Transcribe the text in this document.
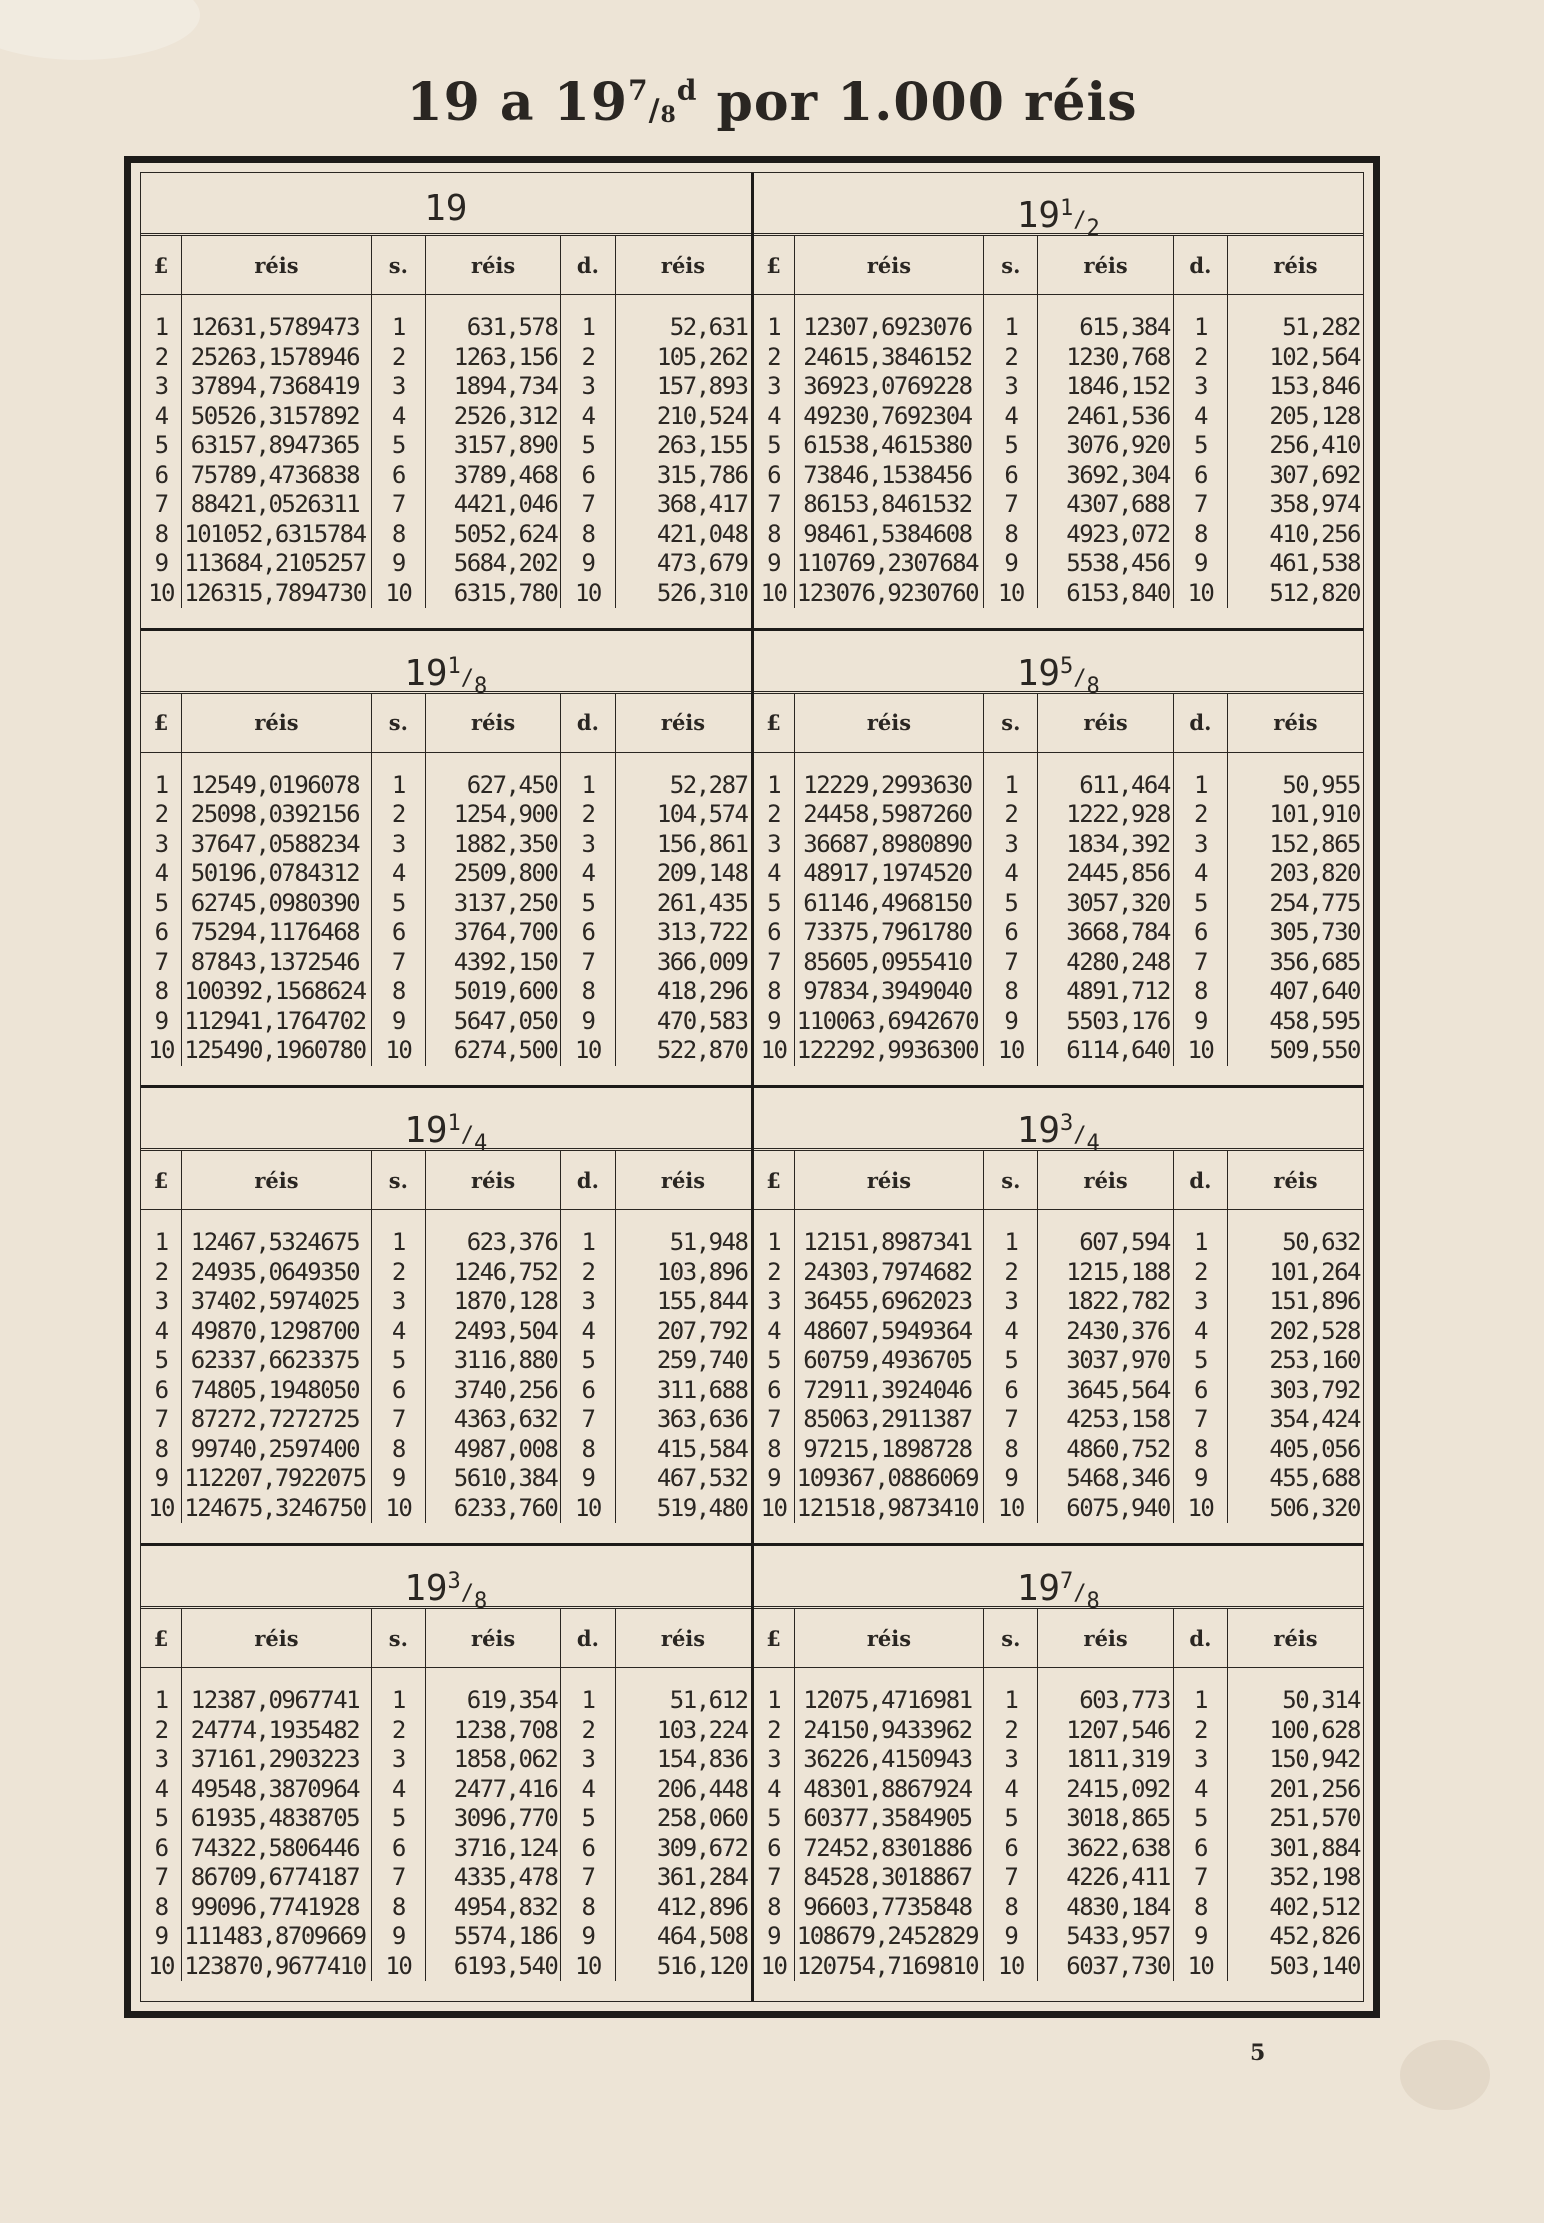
19 a $19^7/8^d$ por 1.000 réis
19
£	réis	s.	réis	d.	réis
1	12631,5789473	1	631,578	1	52,631
2	25263,1578946	2	1263,156	2	105,262
3	37894,7368419	3	1894,734	3	157,893
4	50526,3157892	4	2526,312	4	210,524
5	63157,8947365	5	3157,890	5	263,155
6	75789,4736838	6	3789,468	6	315,786
7	88421,0526311	7	4421,046	7	368,417
8	101052,6315784	8	5052,624	8	421,048
9	113684,2105257	9	5684,202	9	473,679
10	126315,7894730	10	6315,780	10	526,310

191/2
£	réis	s.	réis	d.	réis
1	12307,6923076	1	615,384	1	51,282
2	24615,3846152	2	1230,768	2	102,564
3	36923,0769228	3	1846,152	3	153,846
4	49230,7692304	4	2461,536	4	205,128
5	61538,4615380	5	3076,920	5	256,410
6	73846,1538456	6	3692,304	6	307,692
7	86153,8461532	7	4307,688	7	358,974
8	98461,5384608	8	4923,072	8	410,256
9	110769,2307684	9	5538,456	9	461,538
10	123076,9230760	10	6153,840	10	512,820

191/8
£	réis	s.	réis	d.	réis
1	12549,0196078	1	627,450	1	52,287
2	25098,0392156	2	1254,900	2	104,574
3	37647,0588234	3	1882,350	3	156,861
4	50196,0784312	4	2509,800	4	209,148
5	62745,0980390	5	3137,250	5	261,435
6	75294,1176468	6	3764,700	6	313,722
7	87843,1372546	7	4392,150	7	366,009
8	100392,1568624	8	5019,600	8	418,296
9	112941,1764702	9	5647,050	9	470,583
10	125490,1960780	10	6274,500	10	522,870

195/8
£	réis	s.	réis	d.	réis
1	12229,2993630	1	611,464	1	50,955
2	24458,5987260	2	1222,928	2	101,910
3	36687,8980890	3	1834,392	3	152,865
4	48917,1974520	4	2445,856	4	203,820
5	61146,4968150	5	3057,320	5	254,775
6	73375,7961780	6	3668,784	6	305,730
7	85605,0955410	7	4280,248	7	356,685
8	97834,3949040	8	4891,712	8	407,640
9	110063,6942670	9	5503,176	9	458,595
10	122292,9936300	10	6114,640	10	509,550

191/4
£	réis	s.	réis	d.	réis
1	12467,5324675	1	623,376	1	51,948
2	24935,0649350	2	1246,752	2	103,896
3	37402,5974025	3	1870,128	3	155,844
4	49870,1298700	4	2493,504	4	207,792
5	62337,6623375	5	3116,880	5	259,740
6	74805,1948050	6	3740,256	6	311,688
7	87272,7272725	7	4363,632	7	363,636
8	99740,2597400	8	4987,008	8	415,584
9	112207,7922075	9	5610,384	9	467,532
10	124675,3246750	10	6233,760	10	519,480

193/4
£	réis	s.	réis	d.	réis
1	12151,8987341	1	607,594	1	50,632
2	24303,7974682	2	1215,188	2	101,264
3	36455,6962023	3	1822,782	3	151,896
4	48607,5949364	4	2430,376	4	202,528
5	60759,4936705	5	3037,970	5	253,160
6	72911,3924046	6	3645,564	6	303,792
7	85063,2911387	7	4253,158	7	354,424
8	97215,1898728	8	4860,752	8	405,056
9	109367,0886069	9	5468,346	9	455,688
10	121518,9873410	10	6075,940	10	506,320

193/8
£	réis	s.	réis	d.	réis
1	12387,0967741	1	619,354	1	51,612
2	24774,1935482	2	1238,708	2	103,224
3	37161,2903223	3	1858,062	3	154,836
4	49548,3870964	4	2477,416	4	206,448
5	61935,4838705	5	3096,770	5	258,060
6	74322,5806446	6	3716,124	6	309,672
7	86709,6774187	7	4335,478	7	361,284
8	99096,7741928	8	4954,832	8	412,896
9	111483,8709669	9	5574,186	9	464,508
10	123870,9677410	10	6193,540	10	516,120

197/8
£	réis	s.	réis	d.	réis
1	12075,4716981	1	603,773	1	50,314
2	24150,9433962	2	1207,546	2	100,628
3	36226,4150943	3	1811,319	3	150,942
4	48301,8867924	4	2415,092	4	201,256
5	60377,3584905	5	3018,865	5	251,570
6	72452,8301886	6	3622,638	6	301,884
7	84528,3018867	7	4226,411	7	352,198
8	96603,7735848	8	4830,184	8	402,512
9	108679,2452829	9	5433,957	9	452,826
10	120754,7169810	10	6037,730	10	503,140
5
